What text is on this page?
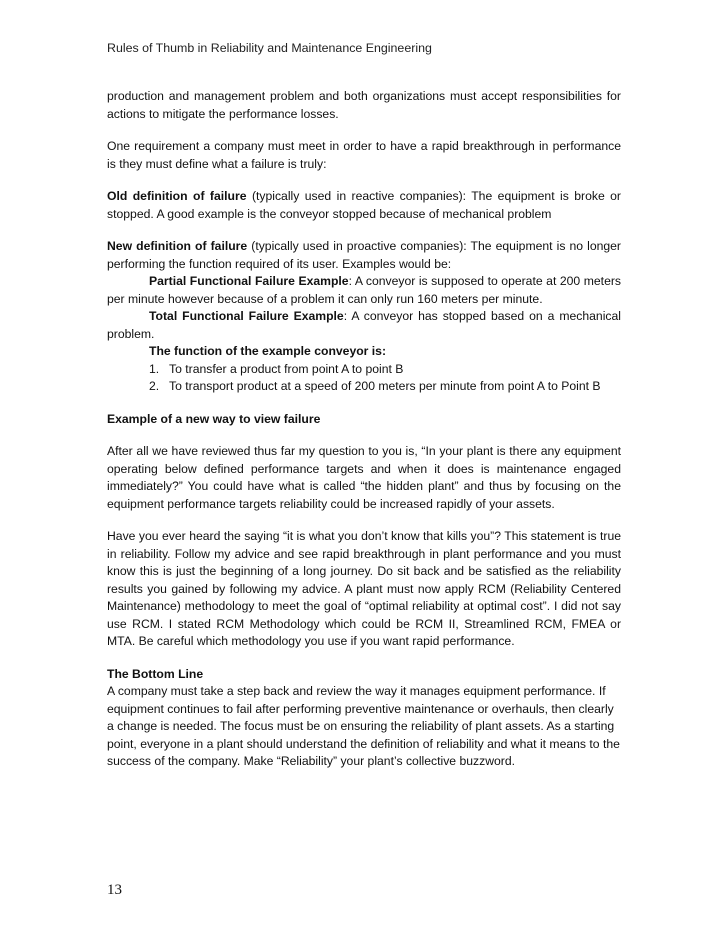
Rules of Thumb in Reliability and Maintenance Engineering

production and management problem and both organizations must accept responsibilities for actions to mitigate the performance losses.

One requirement a company must meet in order to have a rapid breakthrough in performance is they must define what a failure is truly:

Old definition of failure (typically used in reactive companies): The equipment is broke or stopped. A good example is the conveyor stopped because of mechanical problem

New definition of failure (typically used in proactive companies): The equipment is no longer performing the function required of its user. Examples would be:

Partial Functional Failure Example: A conveyor is supposed to operate at 200 meters per minute however because of a problem it can only run 160 meters per minute.

Total Functional Failure Example: A conveyor has stopped based on a mechanical problem.

The function of the example conveyor is:

1. To transfer a product from point A to point B
2. To transport product at a speed of 200 meters per minute from point A to Point B

Example of a new way to view failure

After all we have reviewed thus far my question to you is, “In your plant is there any equipment operating below defined performance targets and when it does is maintenance engaged immediately?” You could have what is called “the hidden plant” and thus by focusing on the equipment performance targets reliability could be increased rapidly of your assets.

Have you ever heard the saying “it is what you don’t know that kills you”? This statement is true in reliability. Follow my advice and see rapid breakthrough in plant performance and you must know this is just the beginning of a long journey. Do sit back and be satisfied as the reliability results you gained by following my advice. A plant must now apply RCM (Reliability Centered Maintenance) methodology to meet the goal of “optimal reliability at optimal cost”. I did not say use RCM. I stated RCM Methodology which could be RCM II, Streamlined RCM, FMEA or MTA. Be careful which methodology you use if you want rapid performance.

The Bottom Line

A company must take a step back and review the way it manages equipment performance. If equipment continues to fail after performing preventive maintenance or overhauls, then clearly a change is needed. The focus must be on ensuring the reliability of plant assets. As a starting point, everyone in a plant should understand the definition of reliability and what it means to the success of the company. Make “Reliability” your plant’s collective buzzword.

13
